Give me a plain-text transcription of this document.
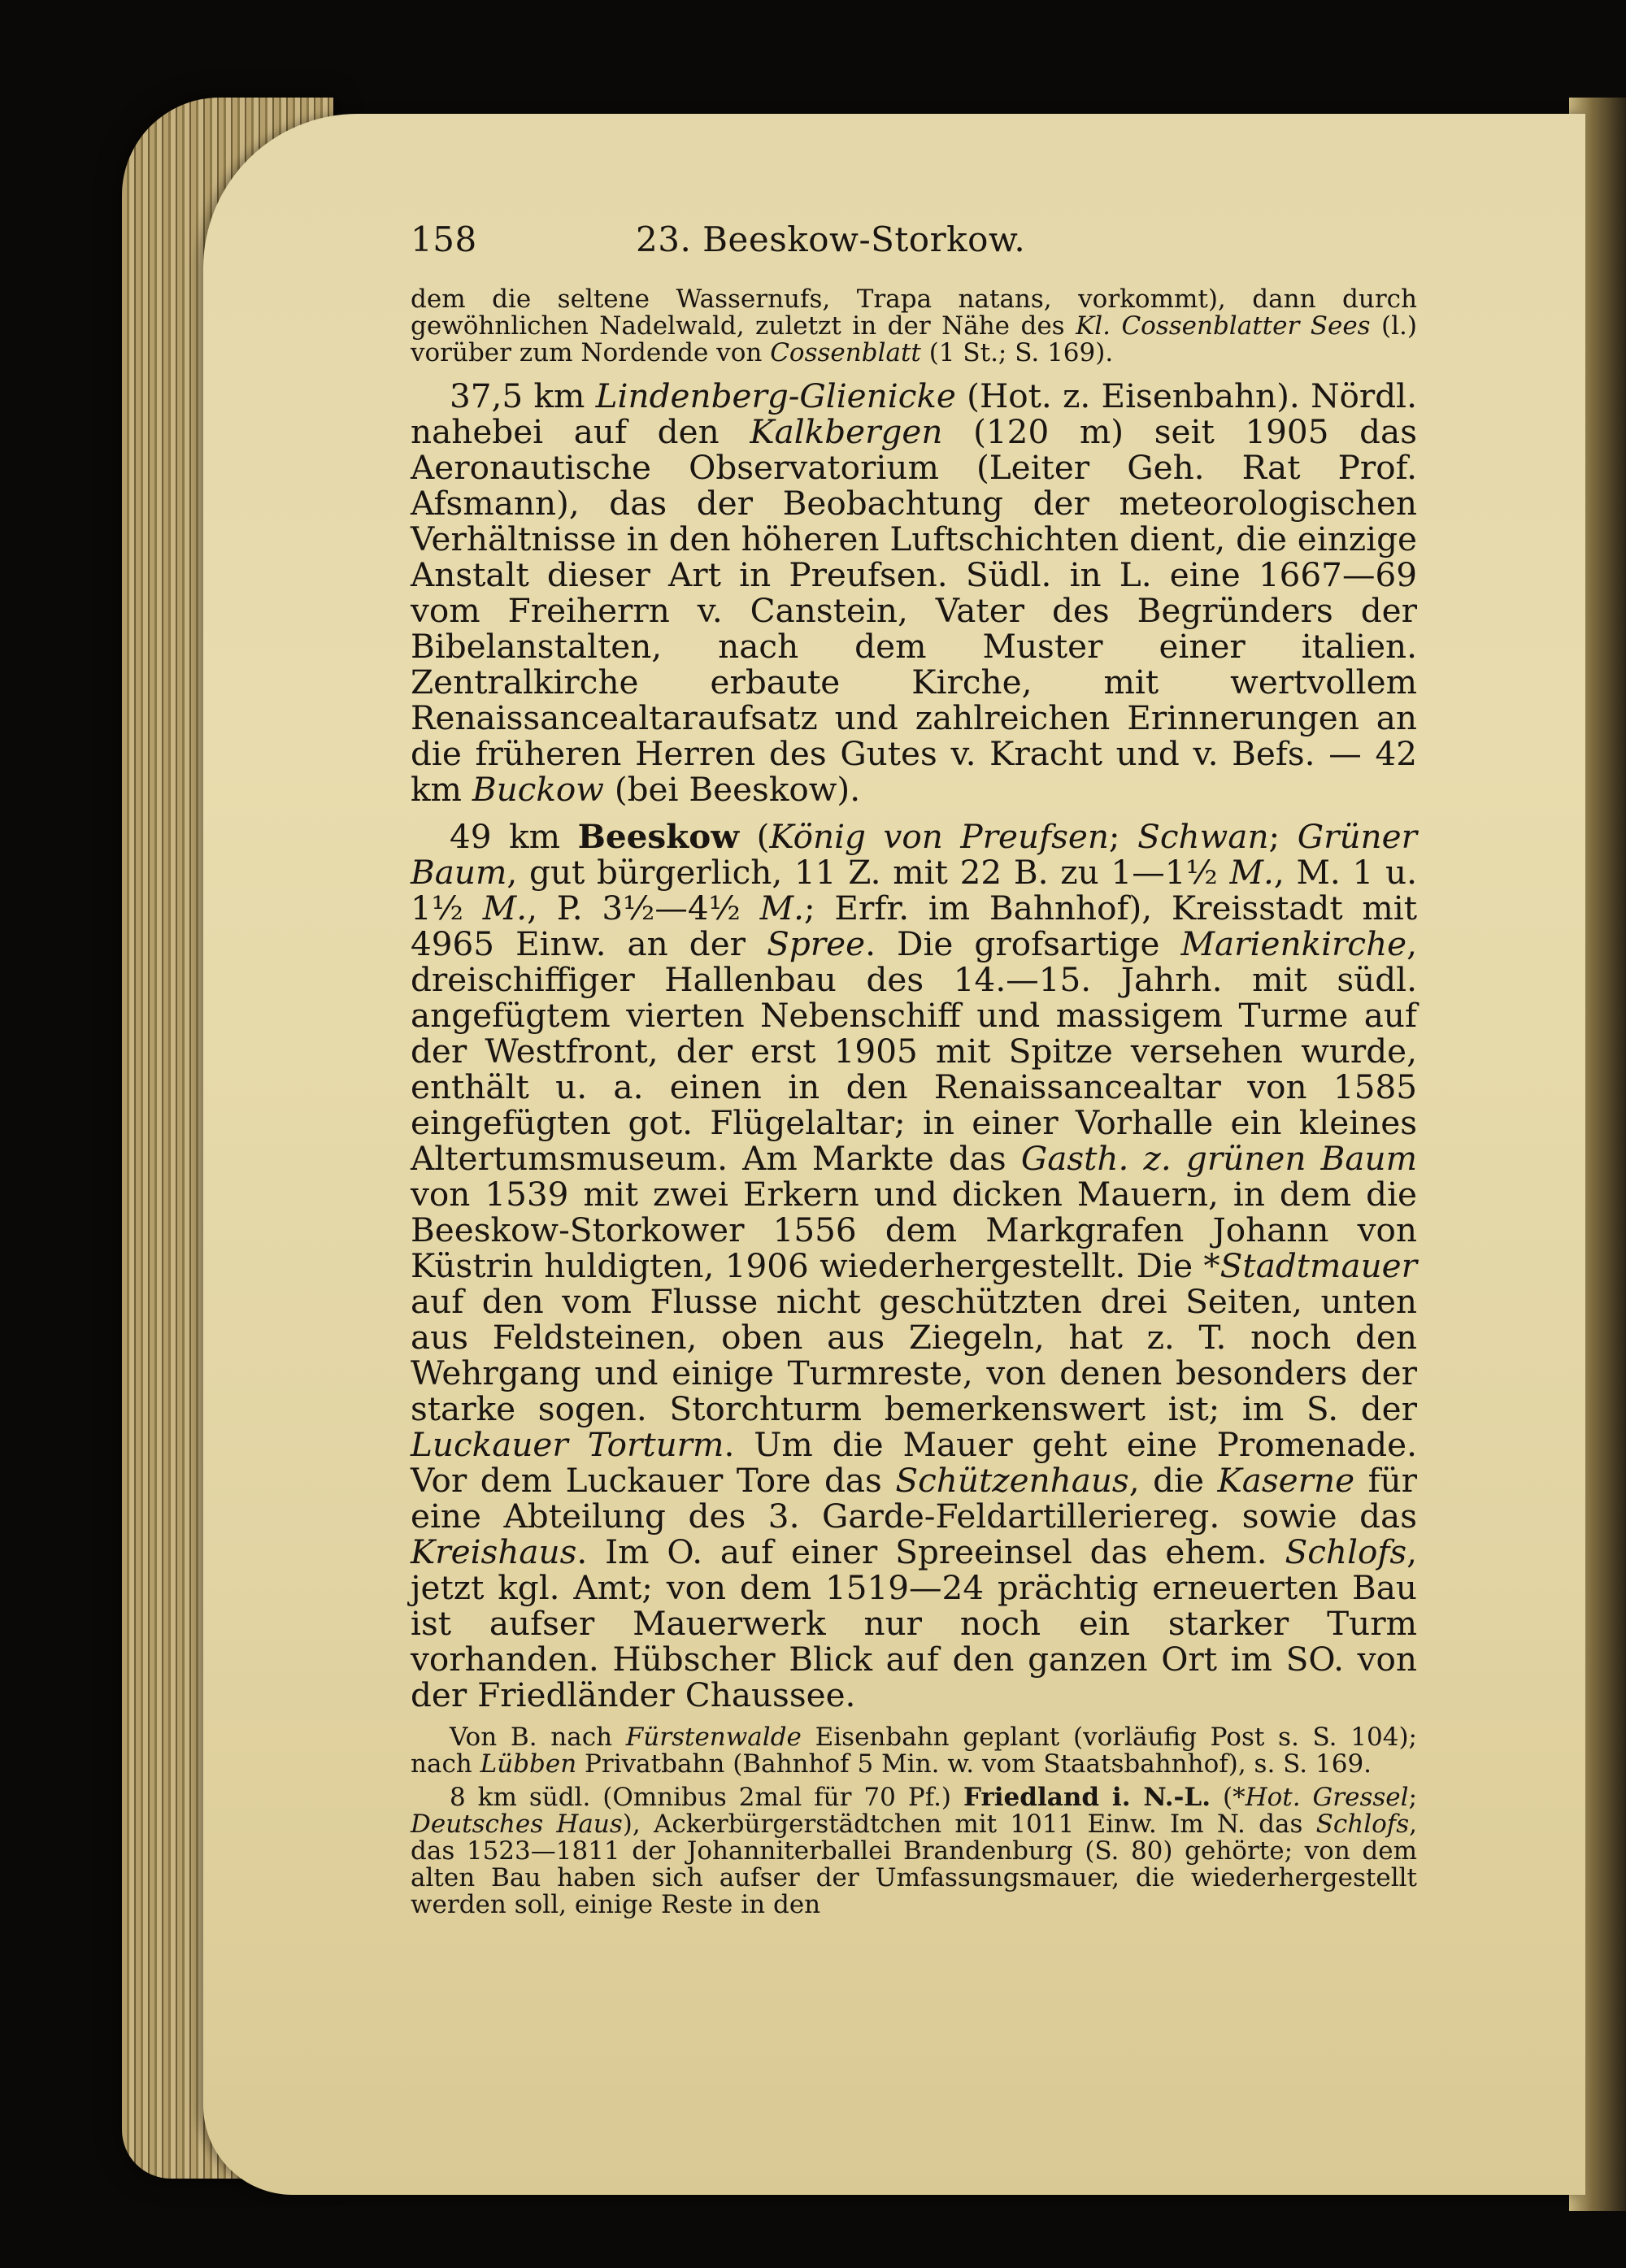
158	23. Beeskow-Storkow.

dem die seltene Wassernufs, Trapa natans, vorkommt), dann durch gewöhnlichen Nadelwald, zuletzt in der Nähe des Kl. Cossenblatter Sees (l.) vorüber zum Nordende von Cossenblatt (1 St.; S. 169).

37,5 km Lindenberg-Glienicke (Hot. z. Eisenbahn). Nördl. nahebei auf den Kalkbergen (120 m) seit 1905 das Aeronautische Observatorium (Leiter Geh. Rat Prof. Afsmann), das der Beobachtung der meteorologischen Verhältnisse in den höheren Luftschichten dient, die einzige Anstalt dieser Art in Preufsen. Südl. in L. eine 1667—69 vom Freiherrn v. Canstein, Vater des Begründers der Bibelanstalten, nach dem Muster einer italien. Zentralkirche erbaute Kirche, mit wertvollem Renaissancealtaraufsatz und zahlreichen Erinnerungen an die früheren Herren des Gutes v. Kracht und v. Befs. — 42 km Buckow (bei Beeskow).

49 km Beeskow (König von Preufsen; Schwan; Grüner Baum, gut bürgerlich, 11 Z. mit 22 B. zu 1—1½ M., M. 1 u. 1½ M., P. 3½—4½ M.; Erfr. im Bahnhof), Kreisstadt mit 4965 Einw. an der Spree. Die grofsartige Marienkirche, dreischiffiger Hallenbau des 14.—15. Jahrh. mit südl. angefügtem vierten Nebenschiff und massigem Turme auf der Westfront, der erst 1905 mit Spitze versehen wurde, enthält u. a. einen in den Renaissancealtar von 1585 eingefügten got. Flügelaltar; in einer Vorhalle ein kleines Altertumsmuseum. Am Markte das Gasth. z. grünen Baum von 1539 mit zwei Erkern und dicken Mauern, in dem die Beeskow-Storkower 1556 dem Markgrafen Johann von Küstrin huldigten, 1906 wiederhergestellt. Die *Stadtmauer auf den vom Flusse nicht geschützten drei Seiten, unten aus Feldsteinen, oben aus Ziegeln, hat z. T. noch den Wehrgang und einige Turmreste, von denen besonders der starke sogen. Storchturm bemerkenswert ist; im S. der Luckauer Torturm. Um die Mauer geht eine Promenade. Vor dem Luckauer Tore das Schützenhaus, die Kaserne für eine Abteilung des 3. Garde-Feldartilleriereg. sowie das Kreishaus. Im O. auf einer Spreeinsel das ehem. Schlofs, jetzt kgl. Amt; von dem 1519—24 prächtig erneuerten Bau ist aufser Mauerwerk nur noch ein starker Turm vorhanden. Hübscher Blick auf den ganzen Ort im SO. von der Friedländer Chaussee.

Von B. nach Fürstenwalde Eisenbahn geplant (vorläufig Post s. S. 104); nach Lübben Privatbahn (Bahnhof 5 Min. w. vom Staatsbahnhof), s. S. 169.

8 km südl. (Omnibus 2mal für 70 Pf.) Friedland i. N.-L. (*Hot. Gressel; Deutsches Haus), Ackerbürgerstädtchen mit 1011 Einw. Im N. das Schlofs, das 1523—1811 der Johanniterballei Brandenburg (S. 80) gehörte; von dem alten Bau haben sich aufser der Umfassungsmauer, die wiederhergestellt werden soll, einige Reste in den
